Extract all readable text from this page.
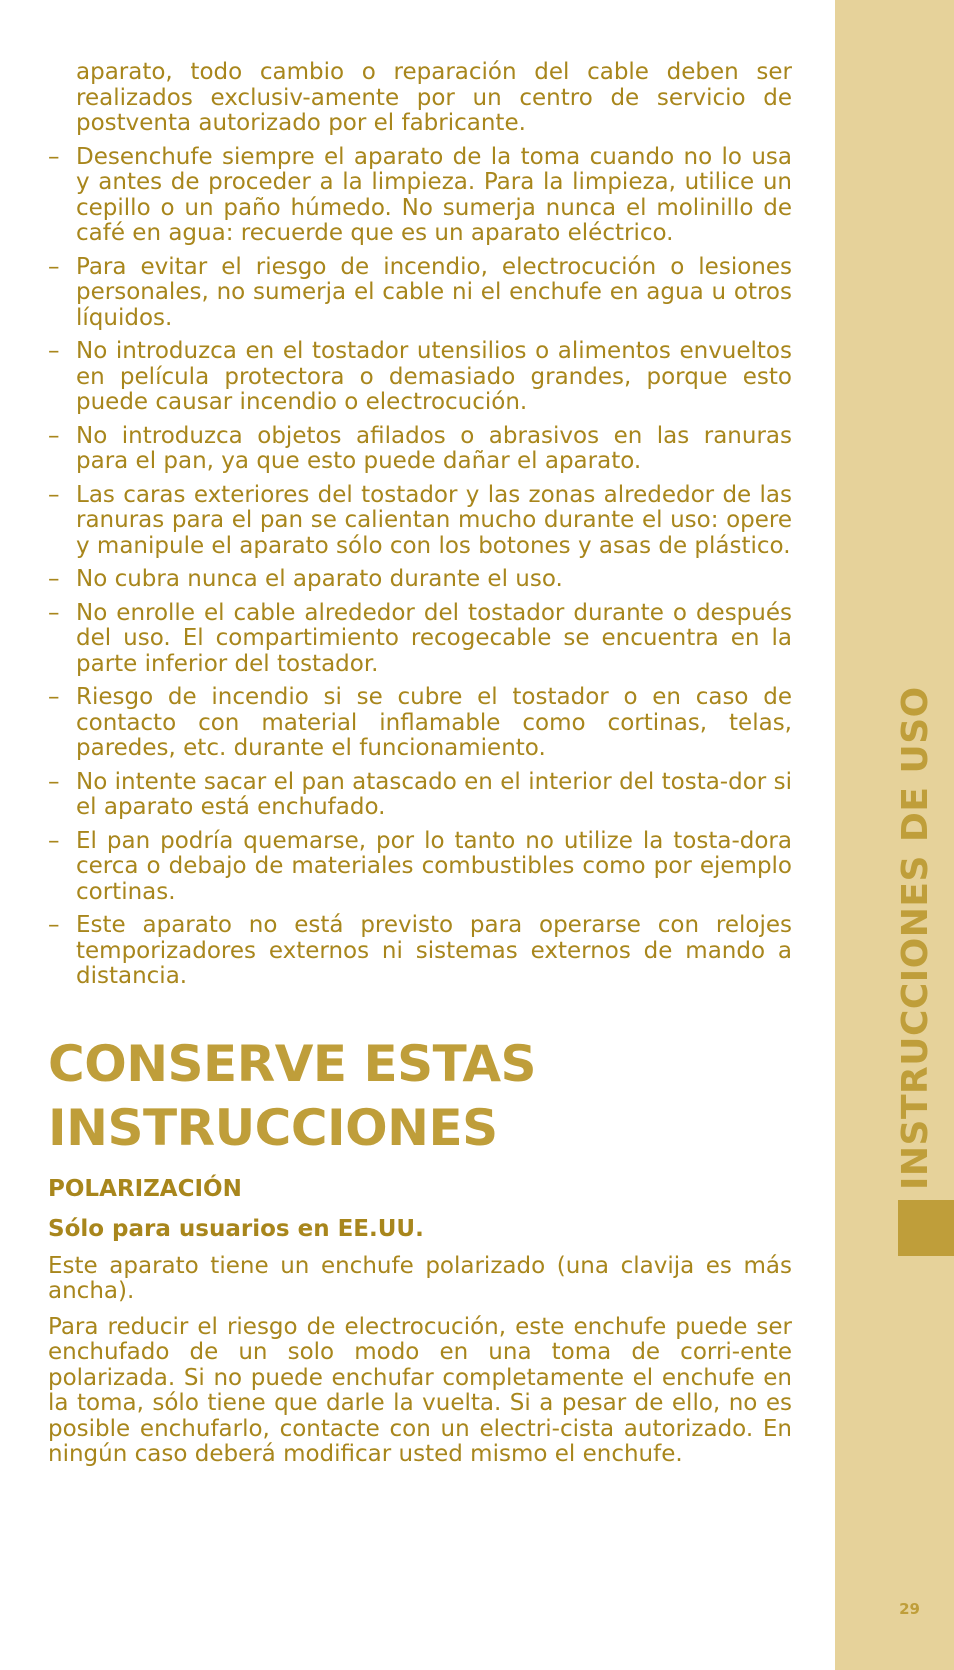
INSTRUCCIONES DE USO
29
aparato, todo cambio o reparación del cable deben ser realizados exclusiv-amente por un centro de servicio de postventa autorizado por el fabricante.
– Desenchufe siempre el aparato de la toma cuando no lo usa y antes de proceder a la limpieza. Para la limpieza, utilice un cepillo o un paño húmedo. No sumerja nunca el molinillo de café en agua: recuerde que es un aparato eléctrico.
– Para evitar el riesgo de incendio, electrocución o lesiones personales, no sumerja el cable ni el enchufe en agua u otros líquidos.
– No introduzca en el tostador utensilios o alimentos envueltos en película protectora o demasiado grandes, porque esto puede causar incendio o electrocución.
– No introduzca objetos afilados o abrasivos en las ranuras para el pan, ya que esto puede dañar el aparato.
– Las caras exteriores del tostador y las zonas alrededor de las ranuras para el pan se calientan mucho durante el uso: opere y manipule el aparato sólo con los botones y asas de plástico.
– No cubra nunca el aparato durante el uso.
– No enrolle el cable alrededor del tostador durante o después del uso. El compartimiento recogecable se encuentra en la parte inferior del tostador.
– Riesgo de incendio si se cubre el tostador o en caso de contacto con material inflamable como cortinas, telas, paredes, etc. durante el funcionamiento.
– No intente sacar el pan atascado en el interior del tosta-dor si el aparato está enchufado.
– El pan podría quemarse, por lo tanto no utilize la tosta-dora cerca o debajo de materiales combustibles como por ejemplo cortinas.
– Este aparato no está previsto para operarse con relojes temporizadores externos ni sistemas externos de mando a distancia.
CONSERVE ESTAS
INSTRUCCIONES
POLARIZACIÓN
Sólo para usuarios en EE.UU.

Este aparato tiene un enchufe polarizado (una clavija es más ancha).

Para reducir el riesgo de electrocución, este enchufe puede ser enchufado de un solo modo en una toma de corri-ente polarizada. Si no puede enchufar completamente el enchufe en la toma, sólo tiene que darle la vuelta. Si a pesar de ello, no es posible enchufarlo, contacte con un electri-cista autorizado. En ningún caso deberá modificar usted mismo el enchufe.
